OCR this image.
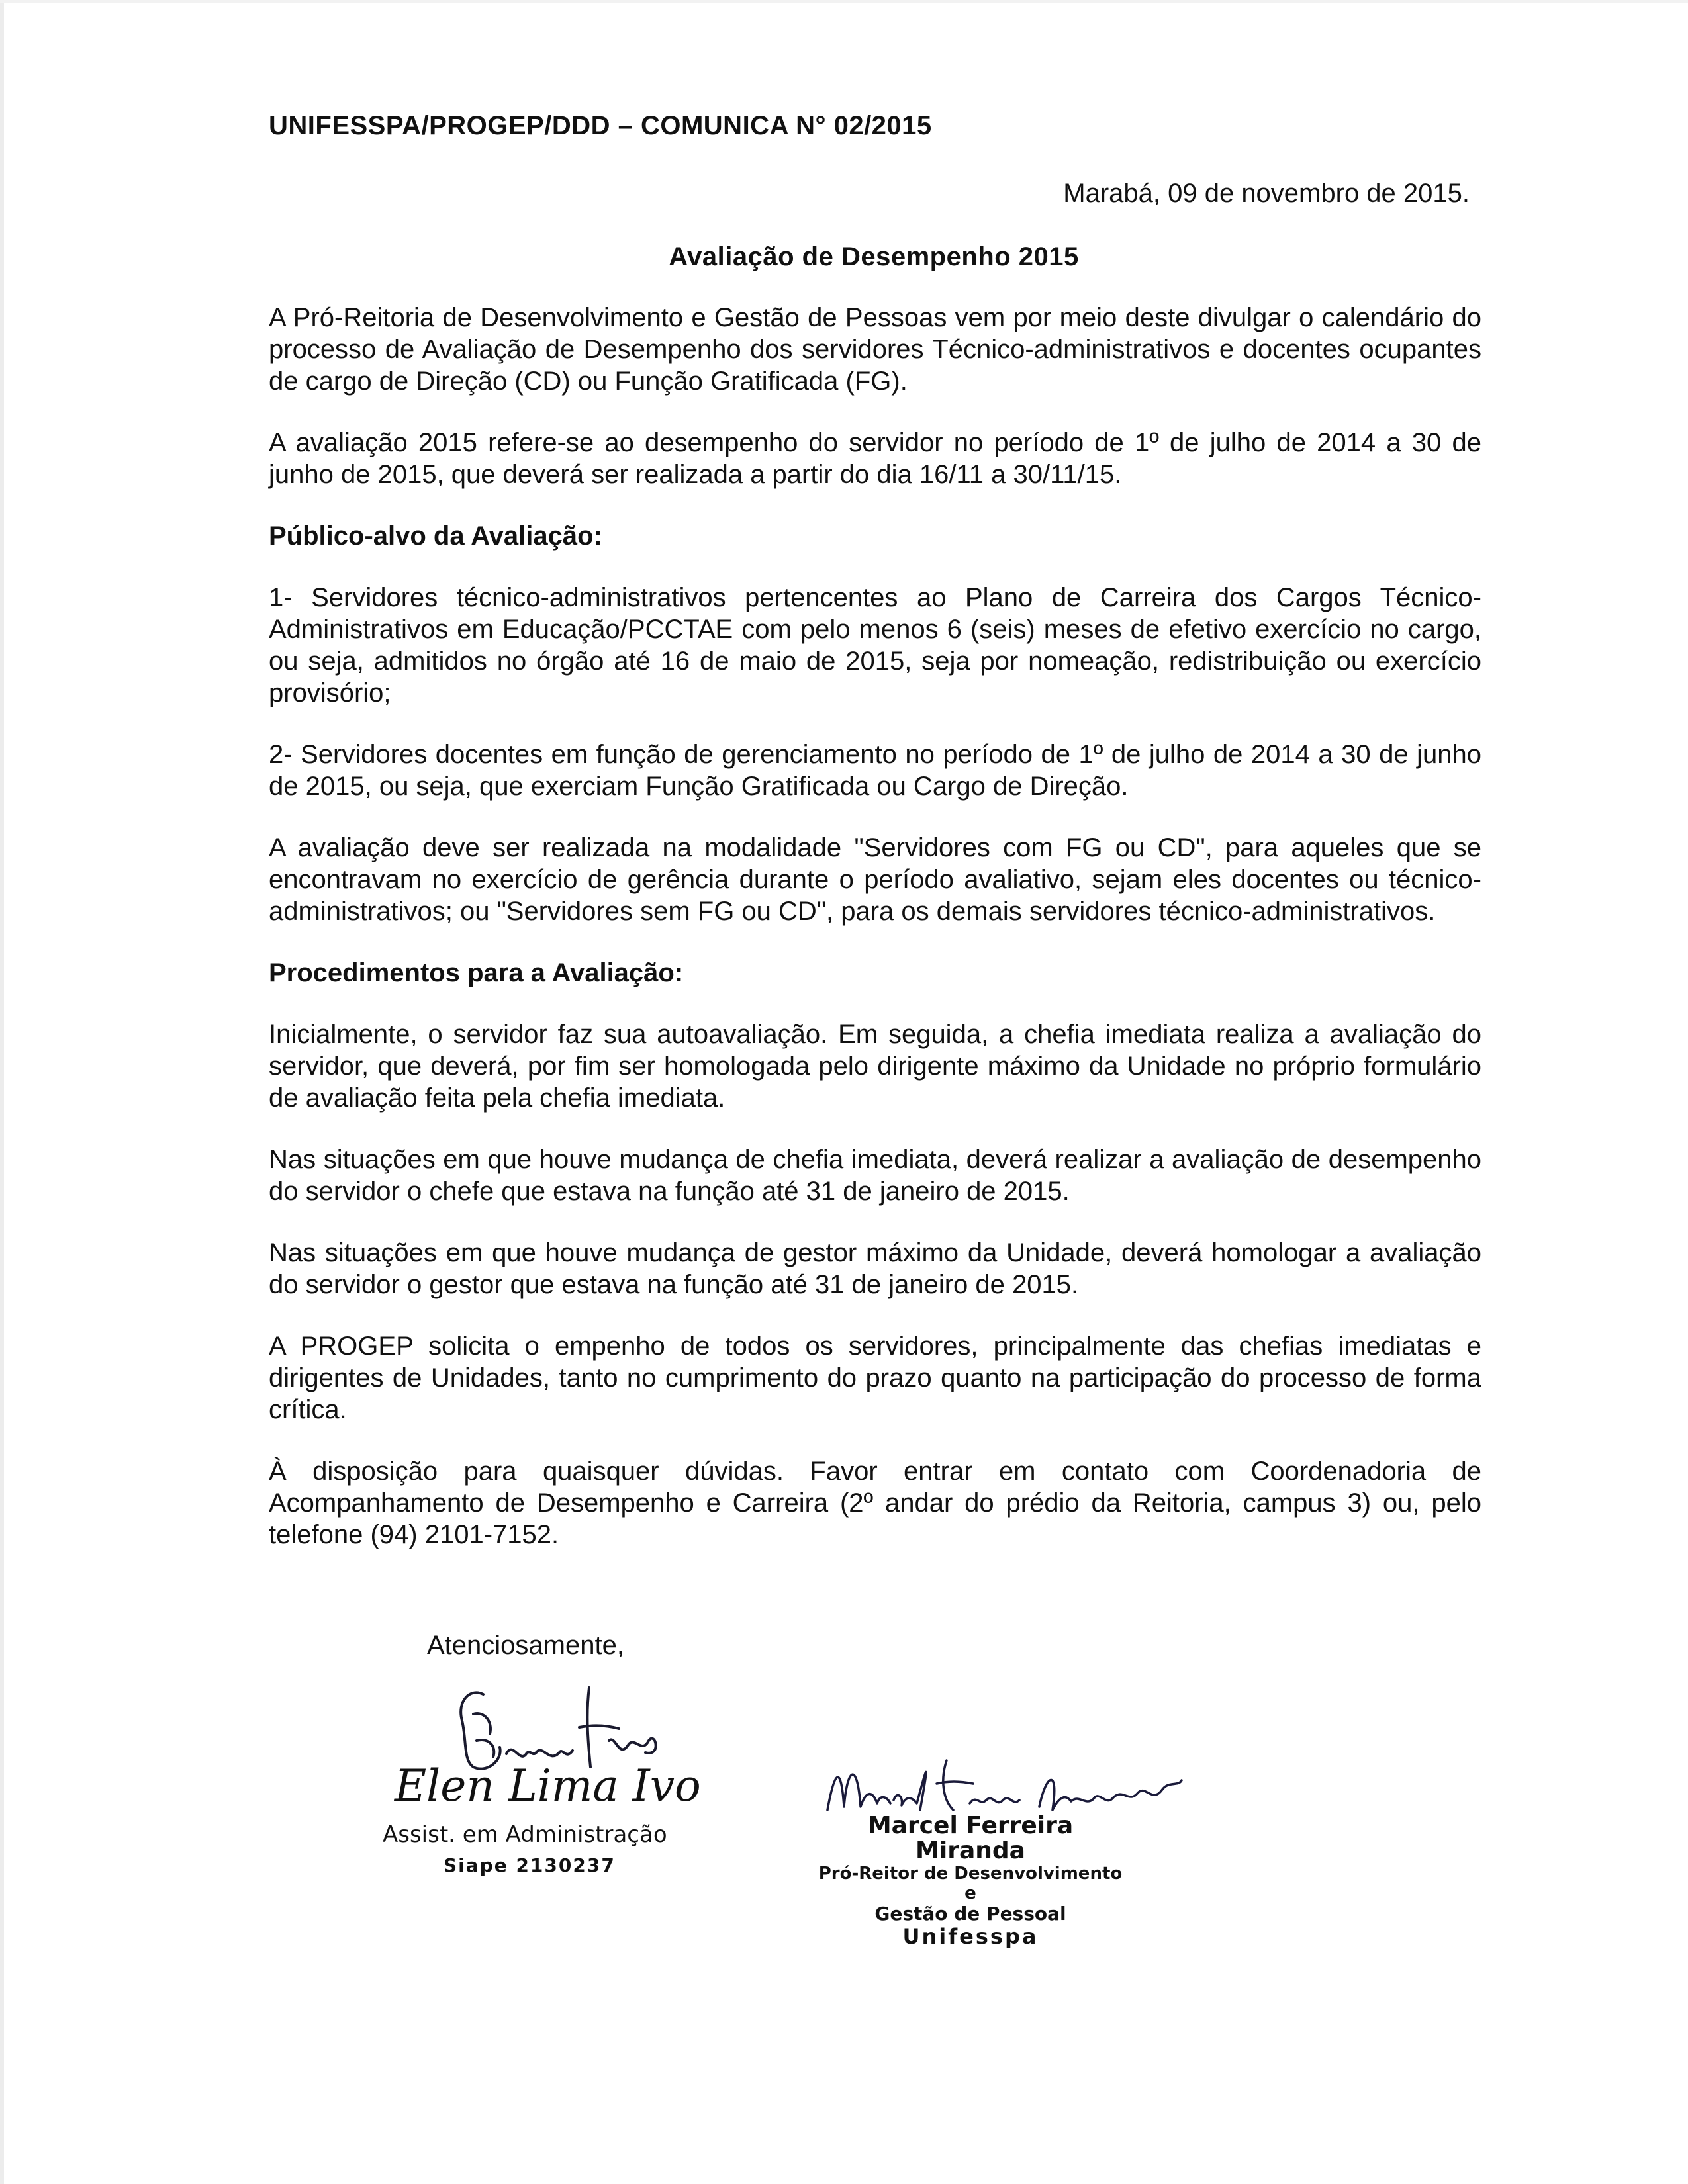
UNIFESSPA/PROGEP/DDD – COMUNICA N° 02/2015
Marabá, 09 de novembro de 2015.
Avaliação de Desempenho 2015

A Pró-Reitoria de Desenvolvimento e Gestão de Pessoas vem por meio deste divulgar o calendário do processo de Avaliação de Desempenho dos servidores Técnico-administrativos e docentes ocupantes de cargo de Direção (CD) ou Função Gratificada (FG).

A avaliação 2015 refere-se ao desempenho do servidor no período de 1º de julho de 2014 a 30 de junho de 2015, que deverá ser realizada a partir do dia 16/11 a 30/11/15.

Público-alvo da Avaliação:

1- Servidores técnico-administrativos pertencentes ao Plano de Carreira dos Cargos Técnico-Administrativos em Educação/PCCTAE com pelo menos 6 (seis) meses de efetivo exercício no cargo, ou seja, admitidos no órgão até 16 de maio de 2015, seja por nomeação, redistribuição ou exercício provisório;

2- Servidores docentes em função de gerenciamento no período de 1º de julho de 2014 a 30 de junho de 2015, ou seja, que exerciam Função Gratificada ou Cargo de Direção.

A avaliação deve ser realizada na modalidade "Servidores com FG ou CD", para aqueles que se encontravam no exercício de gerência durante o período avaliativo, sejam eles docentes ou técnico-administrativos; ou "Servidores sem FG ou CD", para os demais servidores técnico-administrativos.

Procedimentos para a Avaliação:

Inicialmente, o servidor faz sua autoavaliação. Em seguida, a chefia imediata realiza a avaliação do servidor, que deverá, por fim ser homologada pelo dirigente máximo da Unidade no próprio formulário de avaliação feita pela chefia imediata.

Nas situações em que houve mudança de chefia imediata, deverá realizar a avaliação de desempenho do servidor o chefe que estava na função até 31 de janeiro de 2015.

Nas situações em que houve mudança de gestor máximo da Unidade, deverá homologar a avaliação do servidor o gestor que estava na função até 31 de janeiro de 2015.

A PROGEP solicita o empenho de todos os servidores, principalmente das chefias imediatas e dirigentes de Unidades, tanto no cumprimento do prazo quanto na participação do processo de forma crítica.

À disposição para quaisquer dúvidas. Favor entrar em contato com Coordenadoria de Acompanhamento de Desempenho e Carreira (2º andar do prédio da Reitoria, campus 3) ou, pelo telefone (94) 2101-7152.

Atenciosamente,
Elen Lima Ivo
Assist. em Administração
Siape 2130237
Marcel Ferreira Miranda
Pró-Reitor de Desenvolvimento e
Gestão de Pessoal
Unifesspa
